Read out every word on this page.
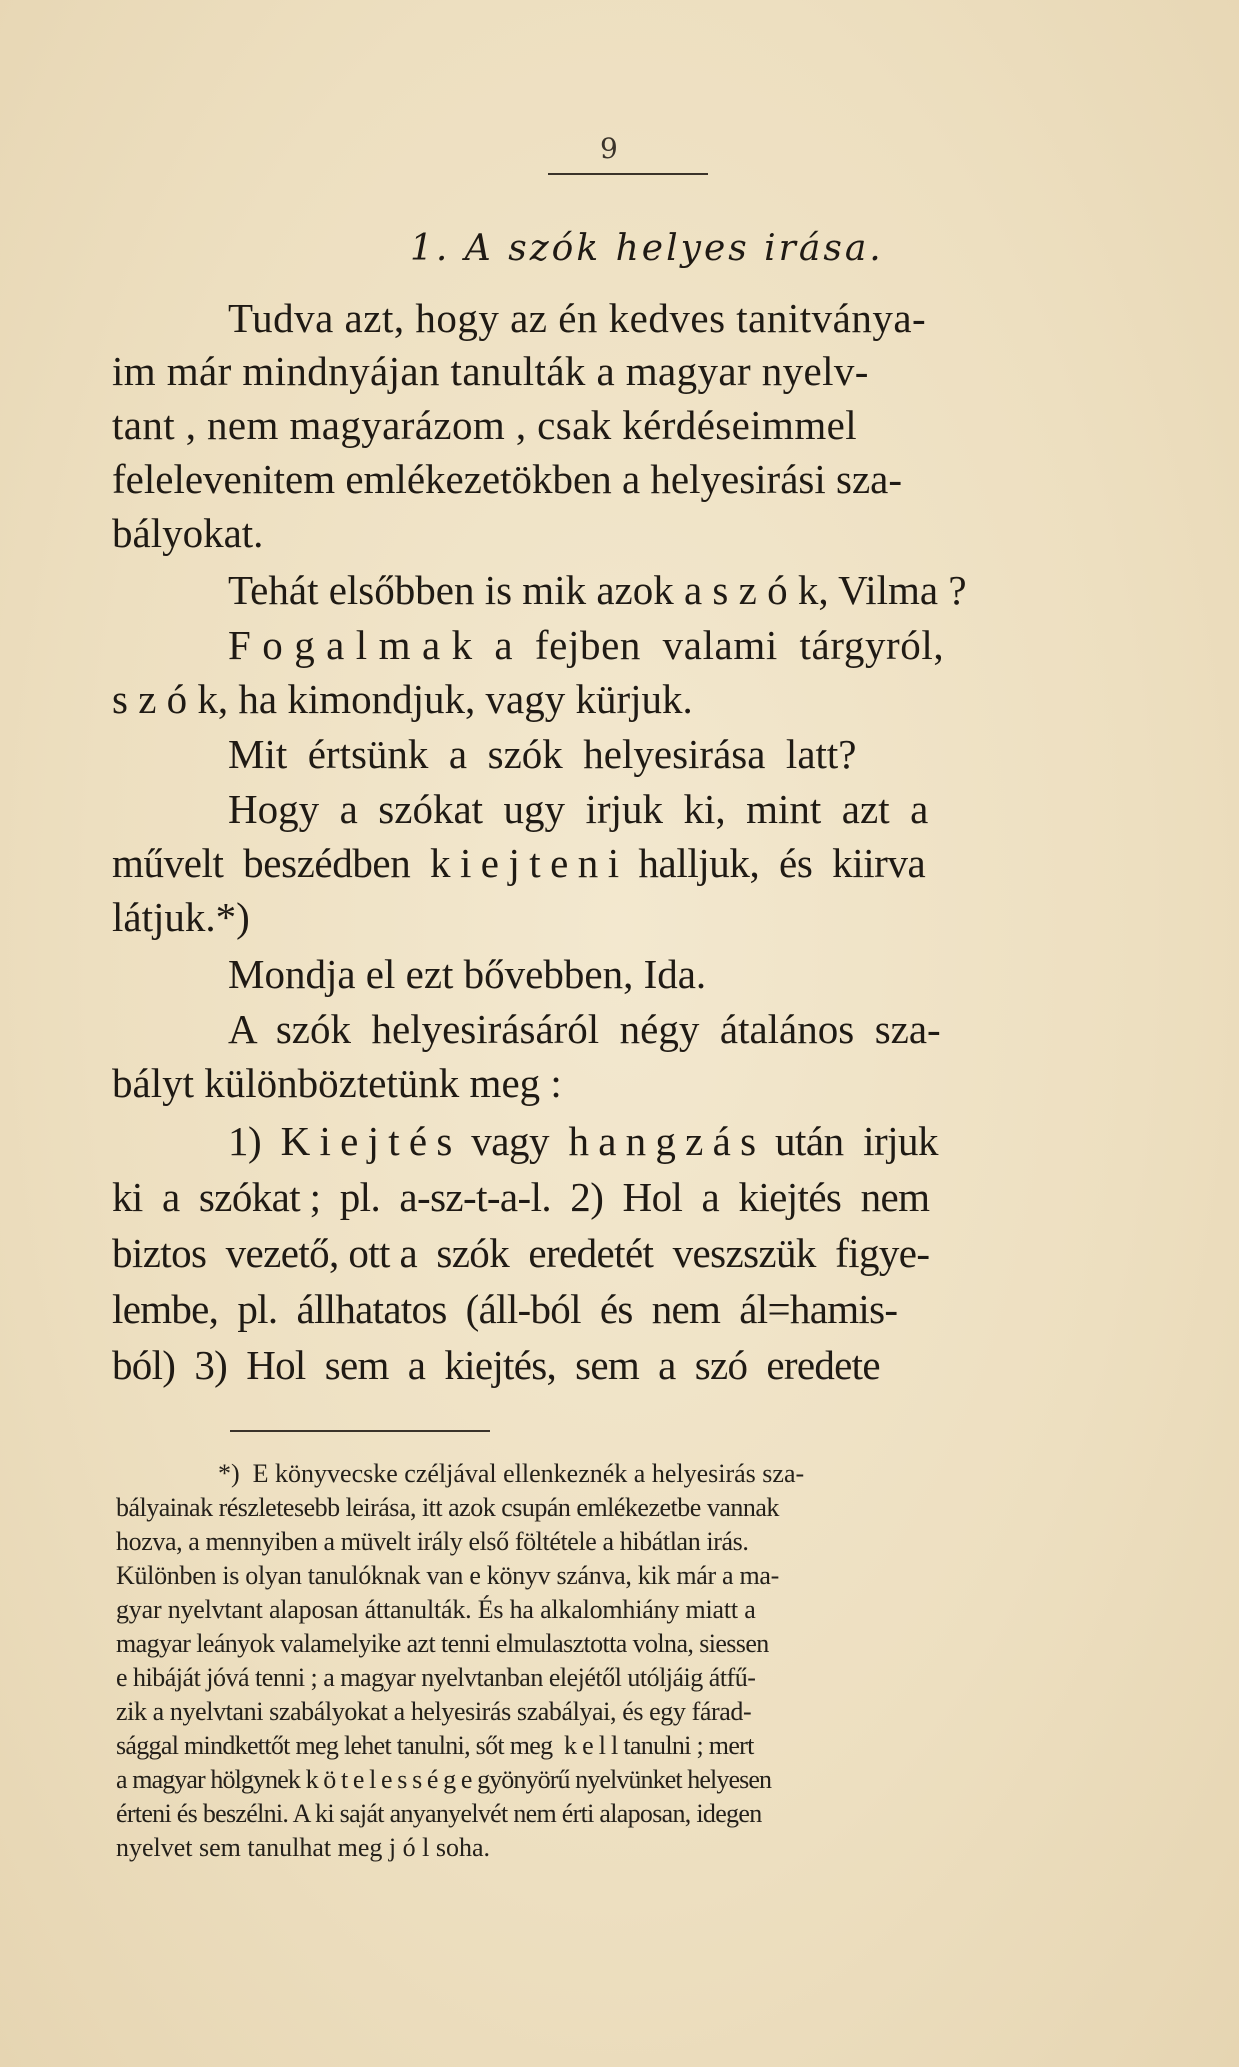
9
1. A szók helyes irása.
Tudva azt, hogy az én kedves tanitványa-
im már mindnyájan tanulták a magyar nyelv-
tant , nem magyarázom , csak kérdéseimmel
felelevenitem emlékezetökben a helyesirási sza-
bályokat.
Tehát elsőbben is mik azok a s z ó k, Vilma ?
F o g a l m a k  a  fejben  valami  tárgyról,
s z ó k, ha kimondjuk, vagy kürjuk.
Mit  értsünk  a  szók  helyesirása  latt?
Hogy  a  szókat  ugy  irjuk  ki,  mint  azt  a
művelt  beszédben  k i e j t e n i  halljuk,  és  kiirva
látjuk.*)
Mondja el ezt bővebben, Ida.
A  szók  helyesirásáról  négy  átalános  sza-
bályt különböztetünk meg :
1)  K i e j t é s  vagy  h a n g z á s  után  irjuk
ki  a  szókat ;  pl.  a-sz-t-a-l.  2)  Hol  a  kiejtés  nem
biztos  vezető, ott a  szók  eredetét  veszszük  figye-
lembe,  pl.  állhatatos  (áll-ból  és  nem  ál=hamis-
ból)  3)  Hol  sem  a  kiejtés,  sem  a  szó  eredete
*)  E könyvecske czéljával ellenkeznék a helyesirás sza-
bályainak részletesebb leirása, itt azok csupán emlékezetbe vannak
hozva, a mennyiben a müvelt irály első föltétele a hibátlan irás.
Különben is olyan tanulóknak van e könyv szánva, kik már a ma-
gyar nyelvtant alaposan áttanulták. És ha alkalomhiány miatt a
magyar leányok valamelyike azt tenni elmulasztotta volna, siessen
e hibáját jóvá tenni ; a magyar nyelvtanban elejétől utóljáig átfű-
zik a nyelvtani szabályokat a helyesirás szabályai, és egy fárad-
sággal mindkettőt meg lehet tanulni, sőt meg  k e l l tanulni ; mert
a magyar hölgynek k ö t e l e s s é g e gyönyörű nyelvünket helyesen
érteni és beszélni. A ki saját anyanyelvét nem érti alaposan, idegen
nyelvet sem tanulhat meg j ó l soha.
